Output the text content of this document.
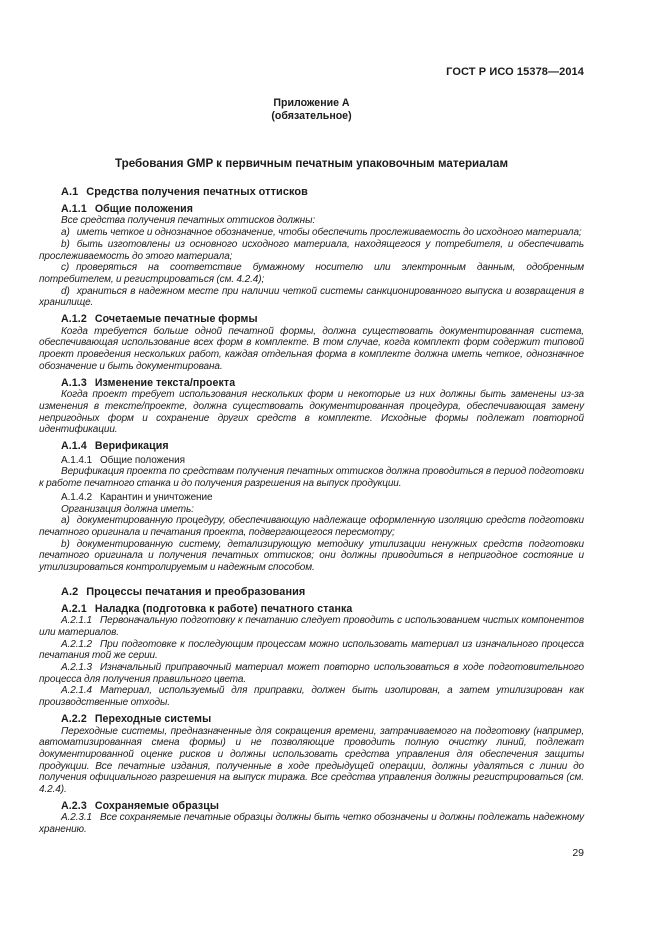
ГОСТ Р ИСО 15378—2014
Приложение А
(обязательное)
Требования GMP к первичным печатным упаковочным материалам
А.1 Средства получения печатных оттисков
А.1.1 Общие положения
Все средства получения печатных оттисков должны:
a) иметь четкое и однозначное обозначение, чтобы обеспечить прослеживаемость до исходного материала;
b) быть изготовлены из основного исходного материала, находящегося у потребителя, и обеспечивать прослеживаемость до этого материала;
c) проверяться на соответствие бумажному носителю или электронным данным, одобренным потребителем, и регистрироваться (см. 4.2.4);
d) храниться в надежном месте при наличии четкой системы санкционированного выпуска и возвращения в хранилище.
А.1.2 Сочетаемые печатные формы
Когда требуется больше одной печатной формы, должна существовать документированная система, обеспечивающая использование всех форм в комплекте. В том случае, когда комплект форм содержит типовой проект проведения нескольких работ, каждая отдельная форма в комплекте должна иметь четкое, однозначное обозначение и быть документирована.
А.1.3 Изменение текста/проекта
Когда проект требует использования нескольких форм и некоторые из них должны быть заменены из-за изменения в тексте/проекте, должна существовать документированная процедура, обеспечивающая замену непригодных форм и сохранение других средств в комплекте. Исходные формы подлежат повторной идентификации.
А.1.4 Верификация
А.1.4.1 Общие положения
Верификация проекта по средствам получения печатных оттисков должна проводиться в период подготовки к работе печатного станка и до получения разрешения на выпуск продукции.
А.1.4.2 Карантин и уничтожение
Организация должна иметь:
a) документированную процедуру, обеспечивающую надлежаще оформленную изоляцию средств подготовки печатного оригинала и печатания проекта, подвергающегося пересмотру;
b) документированную систему, детализирующую методику утилизации ненужных средств подготовки печатного оригинала и получения печатных оттисков; они должны приводиться в непригодное состояние и утилизироваться контролируемым и надежным способом.
А.2 Процессы печатания и преобразования
А.2.1 Наладка (подготовка к работе) печатного станка
А.2.1.1 Первоначальную подготовку к печатанию следует проводить с использованием чистых компонентов или материалов.
А.2.1.2 При подготовке к последующим процессам можно использовать материал из изначального процесса печатания той же серии.
А.2.1.3 Изначальный приправочный материал может повторно использоваться в ходе подготовительного процесса для получения правильного цвета.
А.2.1.4 Материал, используемый для приправки, должен быть изолирован, а затем утилизирован как производственные отходы.
А.2.2 Переходные системы
Переходные системы, предназначенные для сокращения времени, затрачиваемого на подготовку (например, автоматизированная смена формы) и не позволяющие проводить полную очистку линий, подлежат документированной оценке рисков и должны использовать средства управления для обеспечения защиты продукции. Все печатные издания, полученные в ходе предыдущей операции, должны удаляться с линии до получения официального разрешения на выпуск тиража. Все средства управления должны регистрироваться (см. 4.2.4).
А.2.3 Сохраняемые образцы
А.2.3.1 Все сохраняемые печатные образцы должны быть четко обозначены и должны подлежать надежному хранению.
29
